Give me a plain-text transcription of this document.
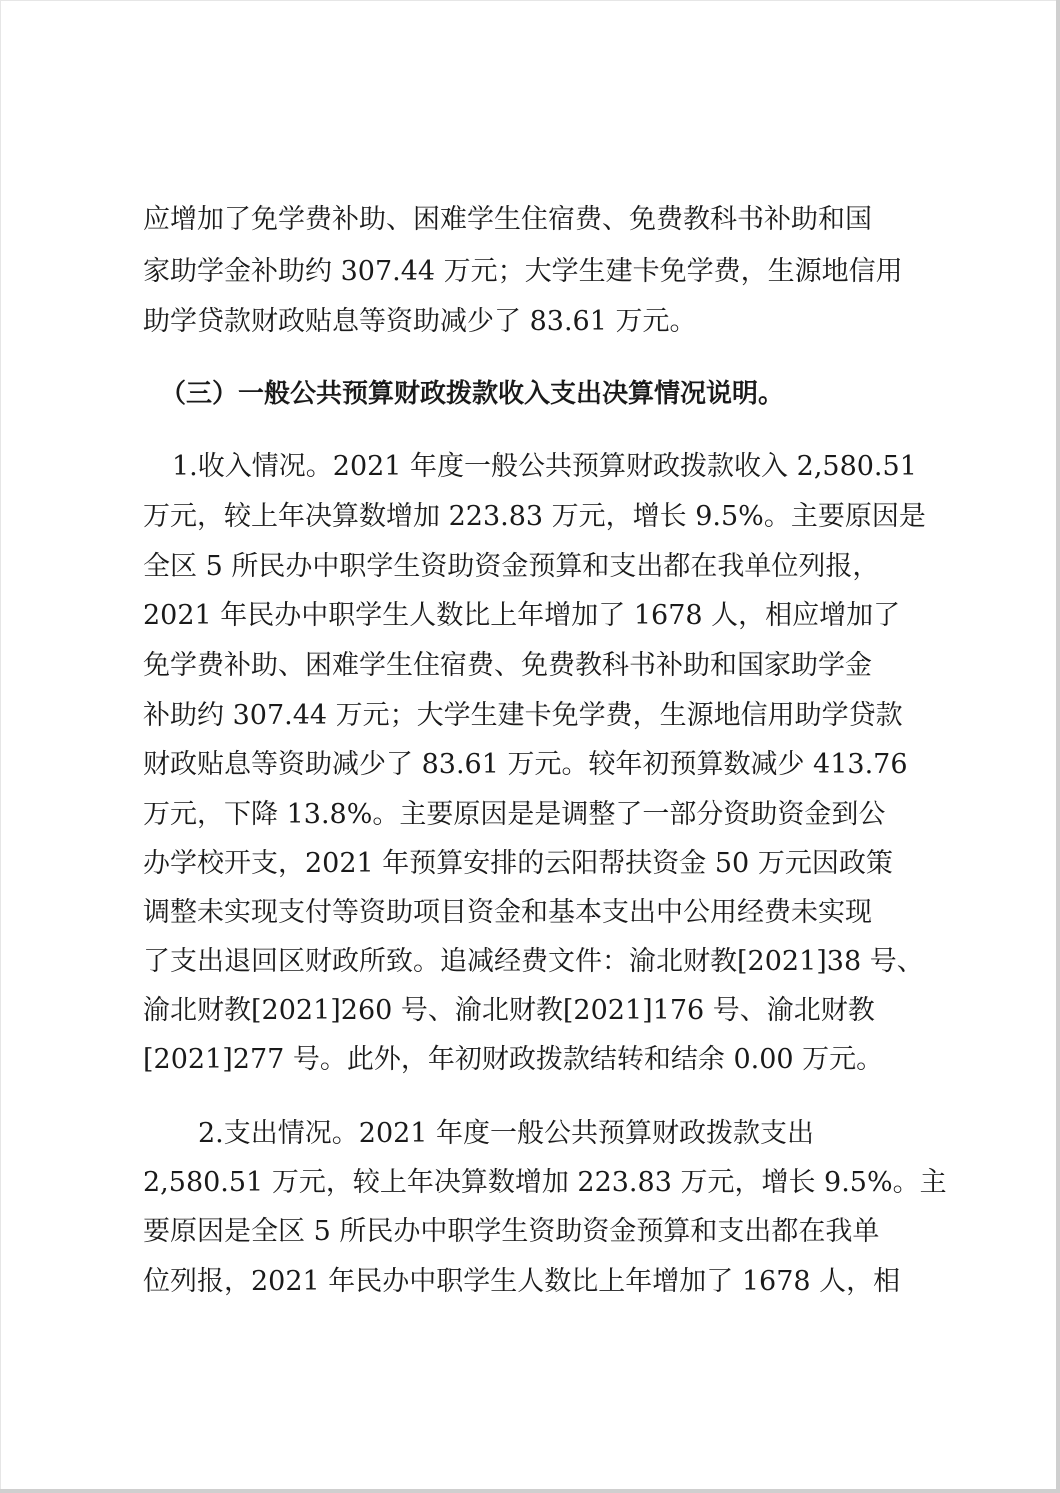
应增加了免学费补助、困难学生住宿费、免费教科书补助和国
家助学金补助约 307.44 万元；大学生建卡免学费，生源地信用
助学贷款财政贴息等资助减少了 83.61 万元。
（三）一般公共预算财政拨款收入支出决算情况说明。
1.收入情况。2021 年度一般公共预算财政拨款收入 2,580.51
万元，较上年决算数增加 223.83 万元，增长 9.5%。主要原因是
全区 5 所民办中职学生资助资金预算和支出都在我单位列报，
2021 年民办中职学生人数比上年增加了 1678 人，相应增加了
免学费补助、困难学生住宿费、免费教科书补助和国家助学金
补助约 307.44 万元；大学生建卡免学费，生源地信用助学贷款
财政贴息等资助减少了 83.61 万元。较年初预算数减少 413.76
万元，下降 13.8%。主要原因是是调整了一部分资助资金到公
办学校开支，2021 年预算安排的云阳帮扶资金 50 万元因政策
调整未实现支付等资助项目资金和基本支出中公用经费未实现
了支出退回区财政所致。追减经费文件：渝北财教[2021]38 号、
渝北财教[2021]260 号、渝北财教[2021]176 号、渝北财教
[2021]277 号。此外，年初财政拨款结转和结余 0.00 万元。
2.支出情况。2021 年度一般公共预算财政拨款支出
2,580.51 万元，较上年决算数增加 223.83 万元，增长 9.5%。主
要原因是全区 5 所民办中职学生资助资金预算和支出都在我单
位列报，2021 年民办中职学生人数比上年增加了 1678 人，相
